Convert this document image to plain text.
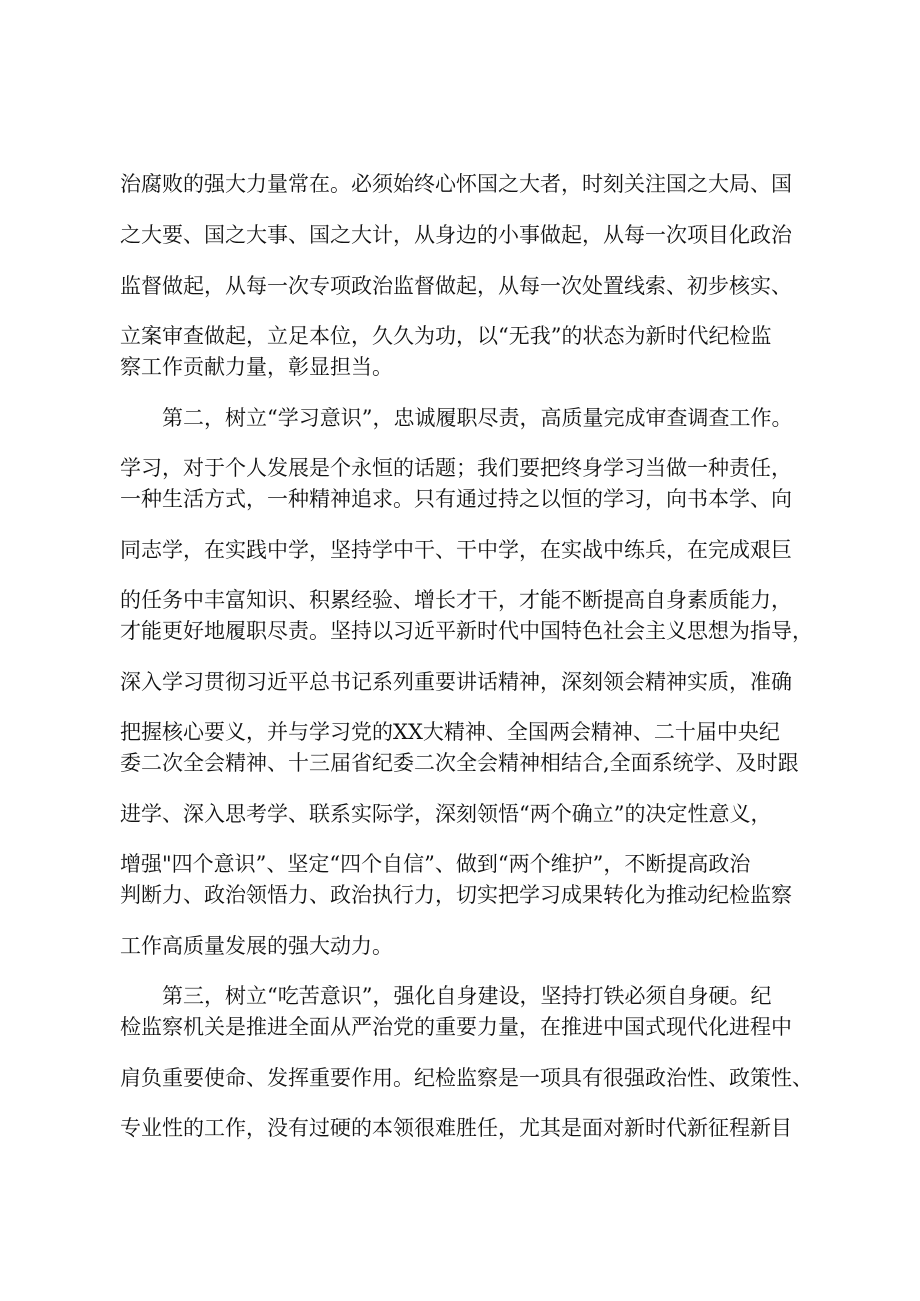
治腐败的强大力量常在。必须始终心怀国之大者，时刻关注国之大局、国

之大要、国之大事、国之大计，从身边的小事做起，从每一次项目化政治

监督做起，从每一次专项政治监督做起，从每一次处置线索、初步核实、

立案审查做起，立足本位，久久为功，以“无我”的状态为新时代纪检监

察工作贡献力量，彰显担当。

第二，树立“学习意识”，忠诚履职尽责，高质量完成审查调查工作。

学习，对于个人发展是个永恒的话题；我们要把终身学习当做一种责任，

一种生活方式，一种精神追求。只有通过持之以恒的学习，向书本学、向

同志学，在实践中学，坚持学中干、干中学，在实战中练兵，在完成艰巨

的任务中丰富知识、积累经验、增长才干，才能不断提高自身素质能力，

才能更好地履职尽责。坚持以习近平新时代中国特色社会主义思想为指导，

深入学习贯彻习近平总书记系列重要讲话精神，深刻领会精神实质，准确

把握核心要义，并与学习党的XX大精神、全国两会精神、二十届中央纪

委二次全会精神、十三届省纪委二次全会精神相结合,全面系统学、及时跟

进学、深入思考学、联系实际学，深刻领悟“两个确立”的决定性意义，

增强"四个意识”、坚定“四个自信”、做到“两个维护”，不断提高政治

判断力、政治领悟力、政治执行力，切实把学习成果转化为推动纪检监察

工作高质量发展的强大动力。

第三，树立“吃苦意识”，强化自身建设，坚持打铁必须自身硬。纪

检监察机关是推进全面从严治党的重要力量，在推进中国式现代化进程中

肩负重要使命、发挥重要作用。纪检监察是一项具有很强政治性、政策性、

专业性的工作，没有过硬的本领很难胜任，尤其是面对新时代新征程新目
